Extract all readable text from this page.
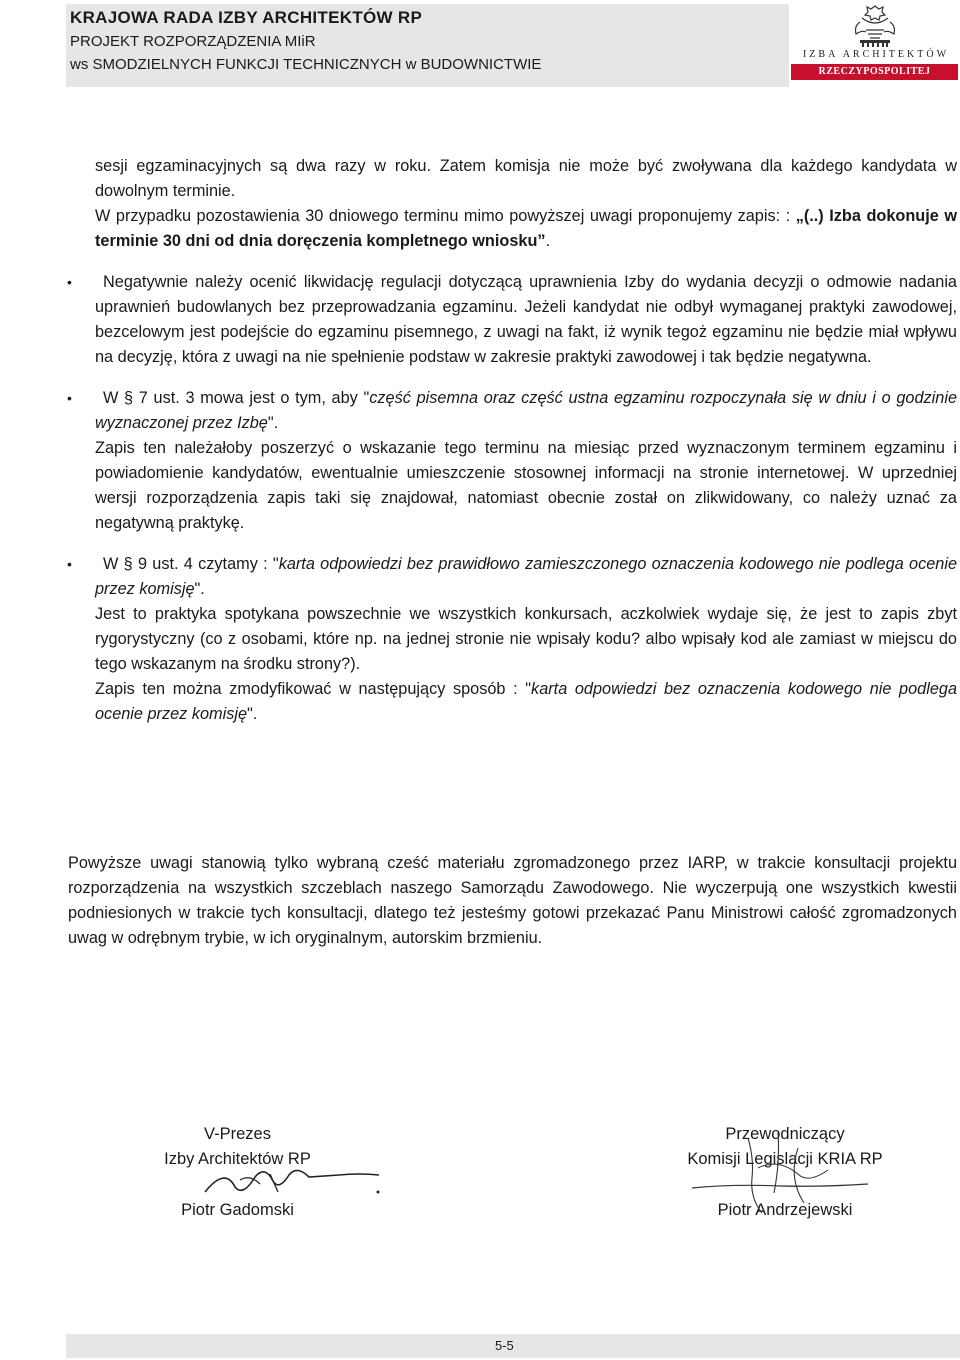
KRAJOWA RADA IZBY ARCHITEKTÓW RP
PROJEKT ROZPORZĄDZENIA MIiR
ws SMODZIELNYCH FUNKCJI TECHNICZNYCH w BUDOWNICTWIE
IZBA ARCHITEKTÓW
RZECZYPOSPOLITEJ POLSKIEJ

sesji egzaminacyjnych są dwa razy w roku. Zatem komisja nie może być zwoływana dla każdego kandydata w dowolnym terminie.

W przypadku pozostawienia 30 dniowego terminu mimo powyższej uwagi proponujemy zapis: : „(..) Izba dokonuje w terminie 30 dni od dnia doręczenia kompletnego wniosku”.

•	Negatywnie należy ocenić likwidację regulacji dotyczącą uprawnienia Izby do wydania decyzji o odmowie nadania uprawnień budowlanych bez przeprowadzania egzaminu. Jeżeli kandydat nie odbył wymaganej praktyki zawodowej, bezcelowym jest podejście do egzaminu pisemnego, z uwagi na fakt, iż wynik tegoż egzaminu nie będzie miał wpływu na decyzję, która z uwagi na nie spełnienie podstaw w zakresie praktyki zawodowej i tak będzie negatywna.

•	W § 7 ust. 3 mowa jest o tym, aby "część pisemna oraz część ustna egzaminu rozpoczynała się w dniu i o godzinie wyznaczonej przez Izbę".

Zapis ten należałoby poszerzyć o wskazanie tego terminu na miesiąc przed wyznaczonym terminem egzaminu i powiadomienie kandydatów, ewentualnie umieszczenie stosownej informacji na stronie internetowej. W uprzedniej wersji rozporządzenia zapis taki się znajdował, natomiast obecnie został on zlikwidowany, co należy uznać za negatywną praktykę.

•	W § 9 ust. 4 czytamy : "karta odpowiedzi bez prawidłowo zamieszczonego oznaczenia kodowego nie podlega ocenie przez komisję".

Jest to praktyka spotykana powszechnie we wszystkich konkursach, aczkolwiek wydaje się, że jest to zapis zbyt rygorystyczny (co z osobami, które np. na jednej stronie nie wpisały kodu? albo wpisały kod ale zamiast w miejscu do tego wskazanym na środku strony?).

Zapis ten można zmodyfikować w następujący sposób : "karta odpowiedzi bez oznaczenia kodowego nie podlega ocenie przez komisję".

Powyższe uwagi stanowią tylko wybraną cześć materiału zgromadzonego przez IARP, w trakcie konsultacji projektu rozporządzenia na wszystkich szczeblach naszego Samorządu Zawodowego. Nie wyczerpują one wszystkich kwestii podniesionych w trakcie tych konsultacji, dlatego też jesteśmy gotowi przekazać Panu Ministrowi całość zgromadzonych uwag w odrębnym trybie, w ich oryginalnym, autorskim brzmieniu.

V-Prezes
Izby Architektów RP
Piotr Gadomski
Przewodniczący
Komisji Legislacji KRIA RP
Piotr Andrzejewski
5-5
